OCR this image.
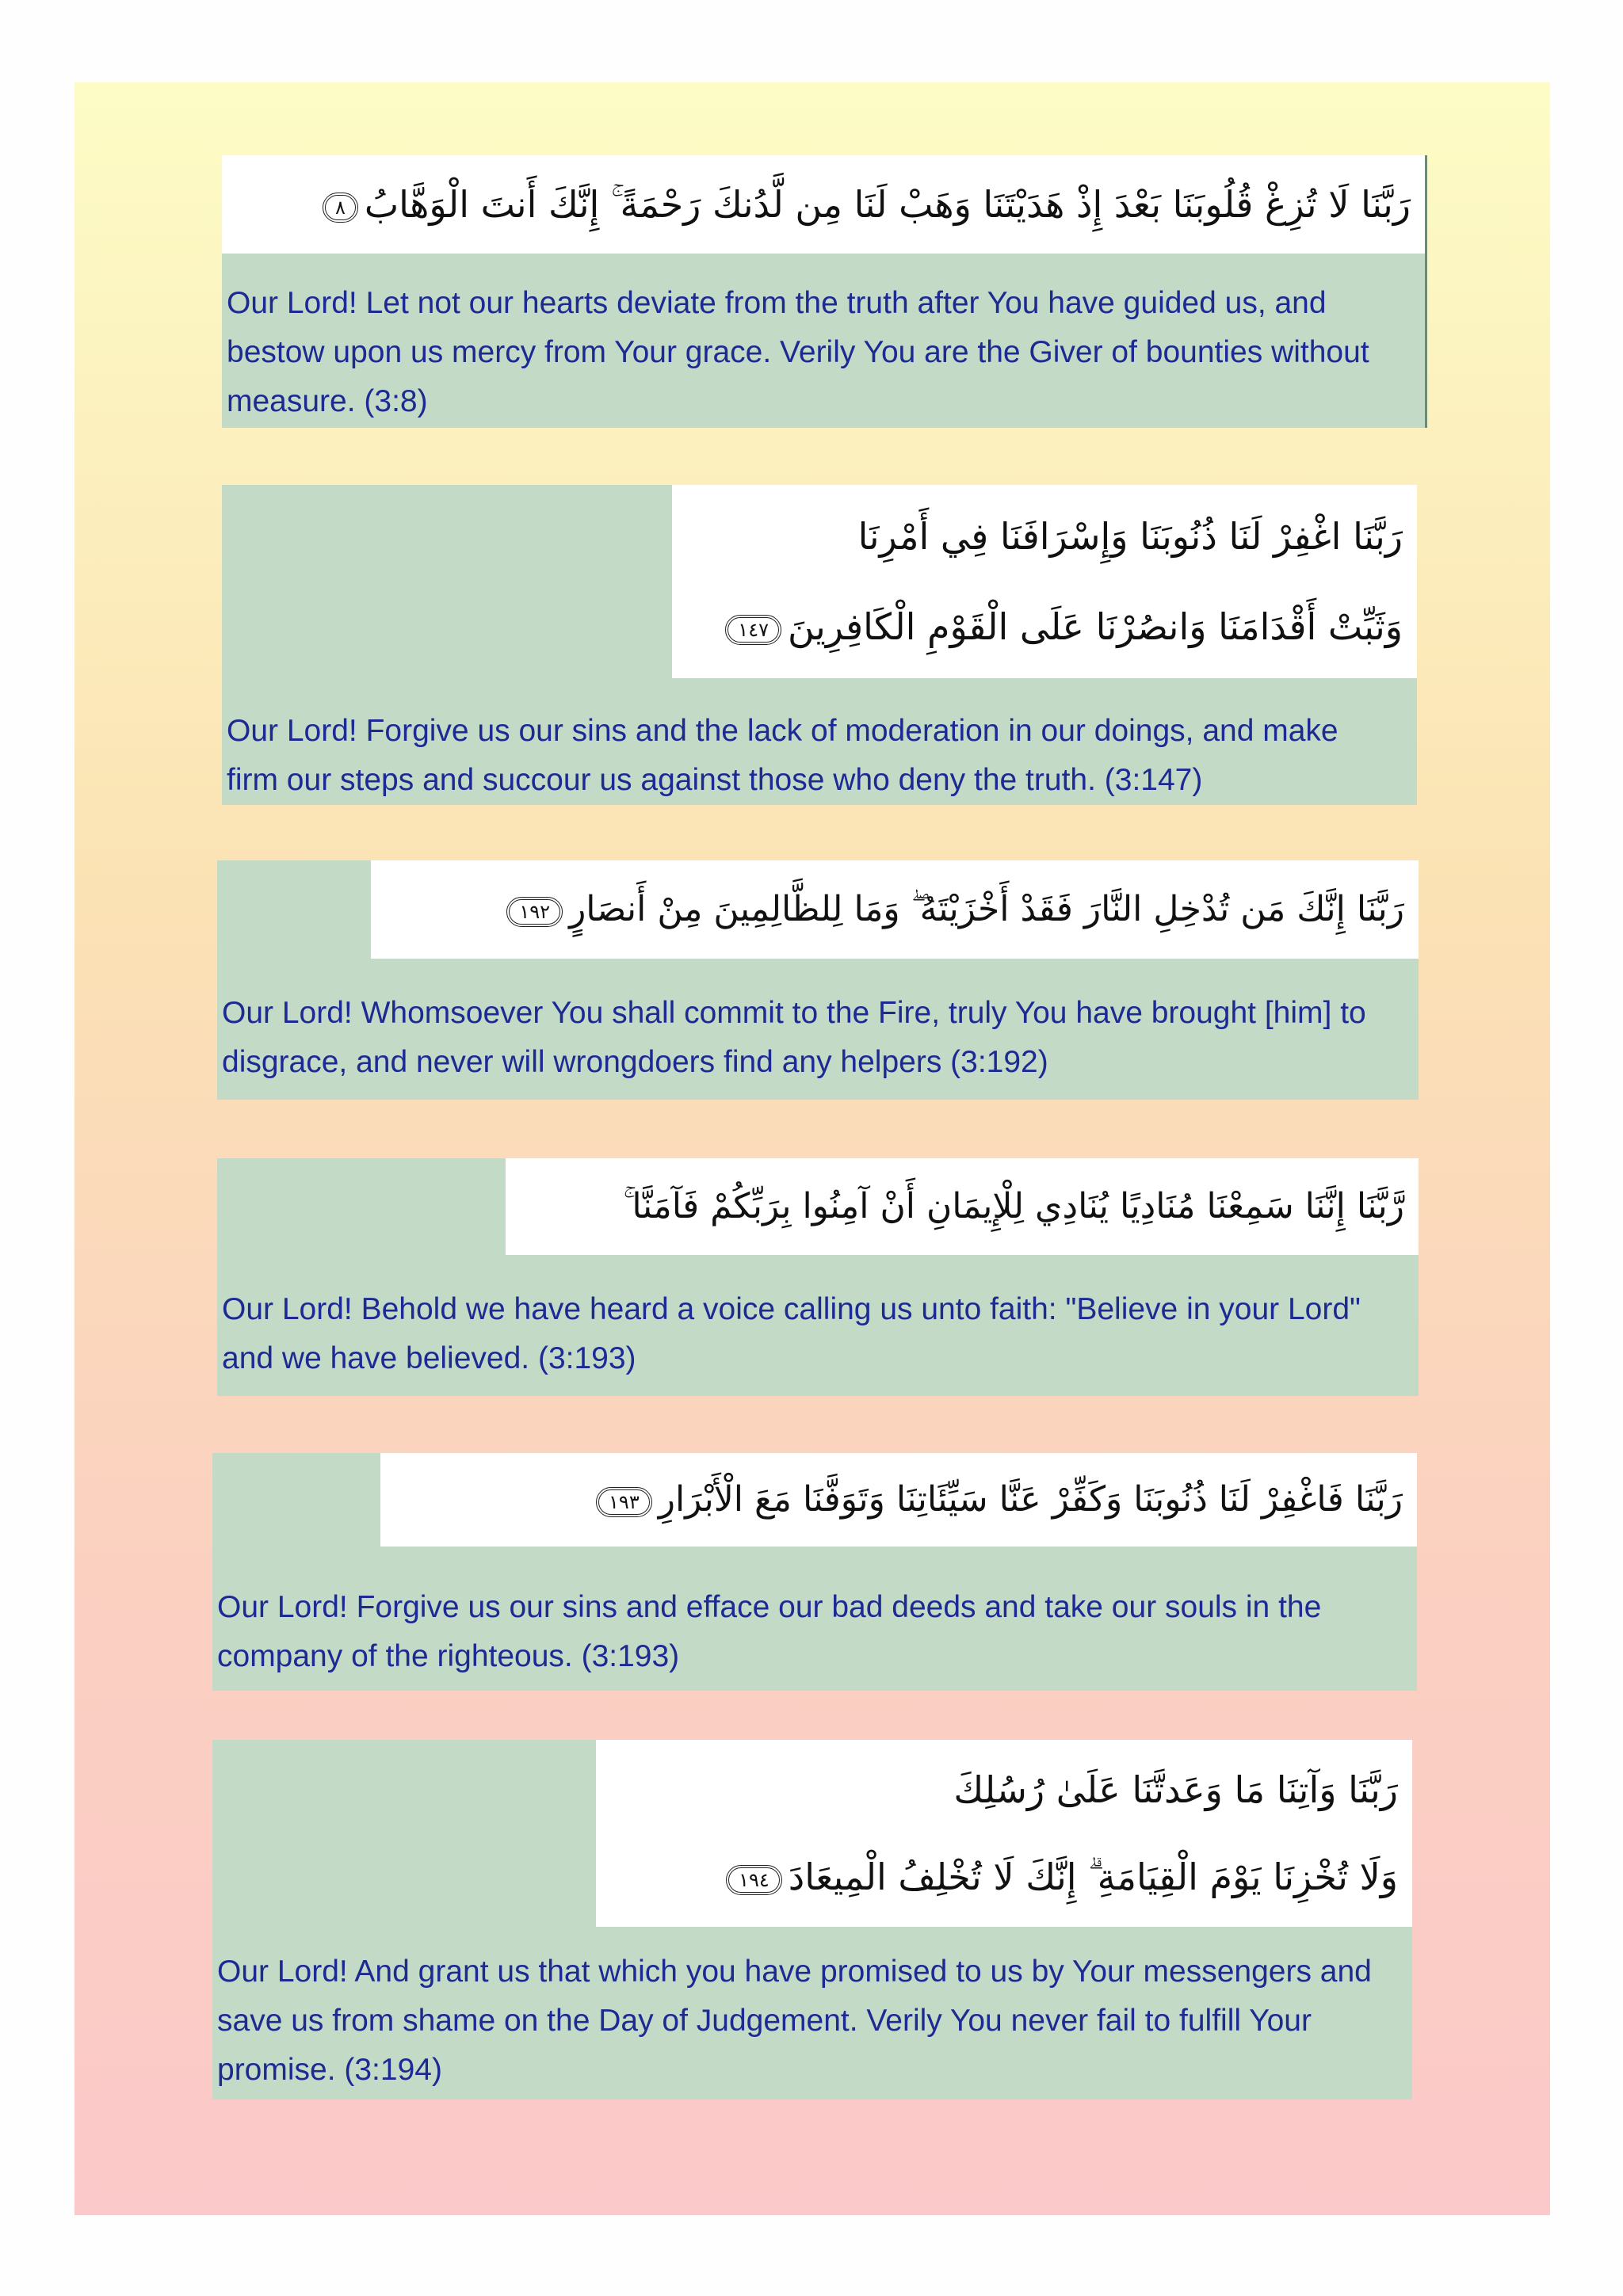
رَبَّنَا لَا تُزِغْ قُلُوبَنَا بَعْدَ إِذْ هَدَيْتَنَا وَهَبْ لَنَا مِن لَّدُنكَ رَحْمَةً ۚ إِنَّكَ أَنتَ الْوَهَّابُ٨

Our Lord! Let not our hearts deviate from the truth after You have guided us, and bestow upon us mercy from Your grace. Verily You are the Giver of bounties without measure. (3:8)

رَبَّنَا اغْفِرْ لَنَا ذُنُوبَنَا وَإِسْرَافَنَا فِي أَمْرِنَا
وَثَبِّتْ أَقْدَامَنَا وَانصُرْنَا عَلَى الْقَوْمِ الْكَافِرِينَ١٤٧

Our Lord! Forgive us our sins and the lack of moderation in our doings, and make firm our steps and succour us against those who deny the truth. (3:147)

رَبَّنَا إِنَّكَ مَن تُدْخِلِ النَّارَ فَقَدْ أَخْزَيْتَهُ ۖ وَمَا لِلظَّالِمِينَ مِنْ أَنصَارٍ١٩٢

Our Lord! Whomsoever You shall commit to the Fire, truly You have brought [him] to disgrace, and never will wrongdoers find any helpers (3:192)

رَّبَّنَا إِنَّنَا سَمِعْنَا مُنَادِيًا يُنَادِي لِلْإِيمَانِ أَنْ آمِنُوا بِرَبِّكُمْ فَآمَنَّا ۚ

Our Lord! Behold we have heard a voice calling us unto faith: "Believe in your Lord" and we have believed. (3:193)

رَبَّنَا فَاغْفِرْ لَنَا ذُنُوبَنَا وَكَفِّرْ عَنَّا سَيِّئَاتِنَا وَتَوَفَّنَا مَعَ الْأَبْرَارِ١٩٣

Our Lord! Forgive us our sins and efface our bad deeds and take our souls in the company of the righteous. (3:193)

رَبَّنَا وَآتِنَا مَا وَعَدتَّنَا عَلَىٰ رُسُلِكَ
وَلَا تُخْزِنَا يَوْمَ الْقِيَامَةِ ۗ إِنَّكَ لَا تُخْلِفُ الْمِيعَادَ١٩٤

Our Lord! And grant us that which you have promised to us by Your messengers and save us from shame on the Day of Judgement. Verily You never fail to fulfill Your promise. (3:194)
